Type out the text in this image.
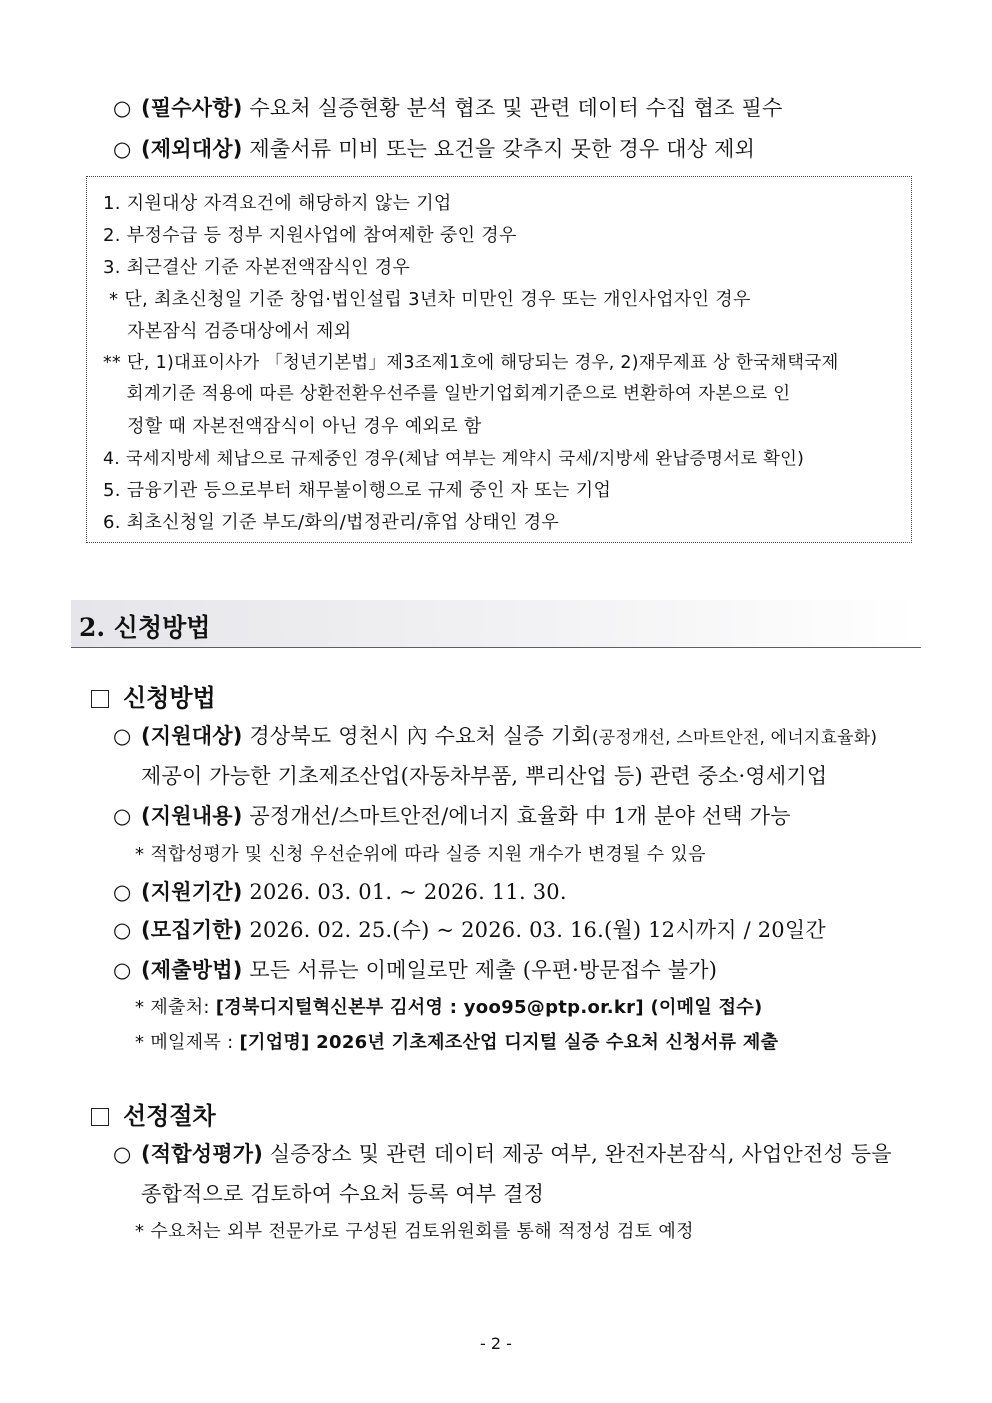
○ (필수사항) 수요처 실증현황 분석 협조 및 관련 데이터 수집 협조 필수
○ (제외대상) 제출서류 미비 또는 요건을 갖추지 못한 경우 대상 제외
1. 지원대상 자격요건에 해당하지 않는 기업
2. 부정수급 등 정부 지원사업에 참여제한 중인 경우
3. 최근결산 기준 자본전액잠식인 경우
* 단, 최초신청일 기준 창업·법인설립 3년차 미만인 경우 또는 개인사업자인 경우
자본잠식 검증대상에서 제외
** 단, 1)대표이사가 「청년기본법」제3조제1호에 해당되는 경우, 2)재무제표 상 한국채택국제
회계기준 적용에 따른 상환전환우선주를 일반기업회계기준으로 변환하여 자본으로 인
정할 때 자본전액잠식이 아닌 경우 예외로 함
4. 국세지방세 체납으로 규제중인 경우(체납 여부는 계약시 국세/지방세 완납증명서로 확인)
5. 금융기관 등으로부터 채무불이행으로 규제 중인 자 또는 기업
6. 최초신청일 기준 부도/화의/법정관리/휴업 상태인 경우
2. 신청방법
신청방법
○ (지원대상) 경상북도 영천시 內 수요처 실증 기회(공정개선, 스마트안전, 에너지효율화)
제공이 가능한 기초제조산업(자동차부품, 뿌리산업 등) 관련 중소·영세기업
○ (지원내용) 공정개선/스마트안전/에너지 효율화 中 1개 분야 선택 가능
* 적합성평가 및 신청 우선순위에 따라 실증 지원 개수가 변경될 수 있음
○ (지원기간) 2026. 03. 01. ~ 2026. 11. 30.
○ (모집기한) 2026. 02. 25.(수) ~ 2026. 03. 16.(월) 12시까지 / 20일간
○ (제출방법) 모든 서류는 이메일로만 제출 (우편·방문접수 불가)
* 제출처: [경북디지털혁신본부 김서영 : yoo95@ptp.or.kr] (이메일 접수)
* 메일제목 : [기업명] 2026년 기초제조산업 디지털 실증 수요처 신청서류 제출
선정절차
○ (적합성평가) 실증장소 및 관련 데이터 제공 여부, 완전자본잠식, 사업안전성 등을
종합적으로 검토하여 수요처 등록 여부 결정
* 수요처는 외부 전문가로 구성된 검토위원회를 통해 적정성 검토 예정
- 2 -
